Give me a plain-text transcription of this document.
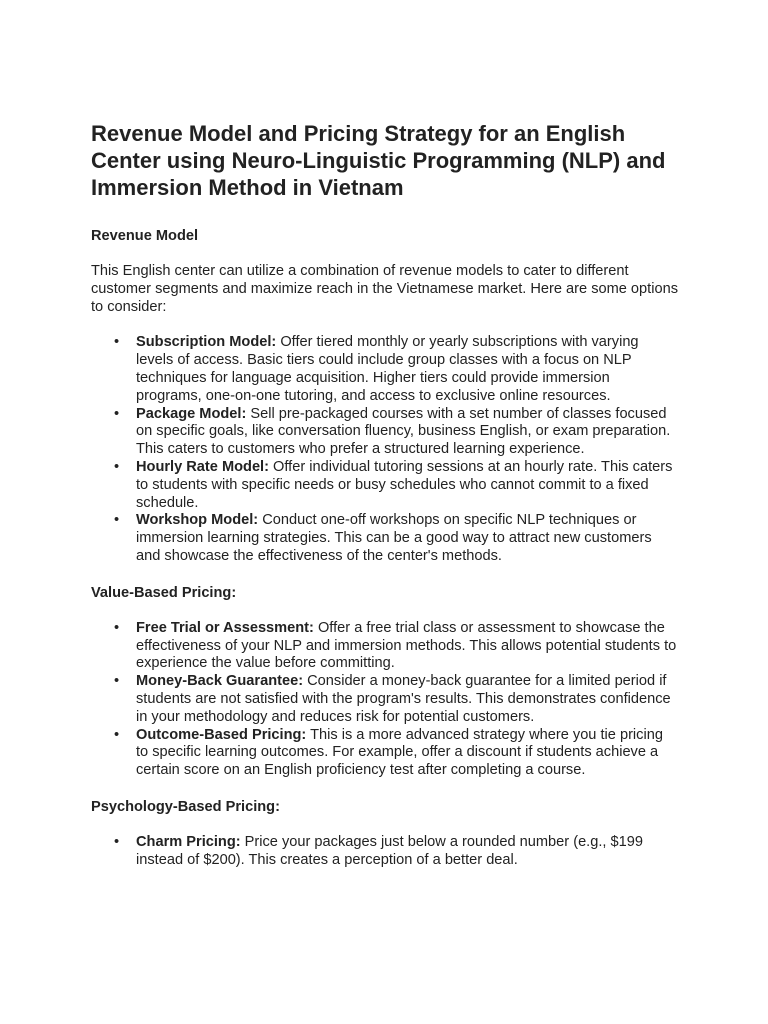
Revenue Model and Pricing Strategy for an English Center using Neuro-Linguistic Programming (NLP) and Immersion Method in Vietnam
Revenue Model

This English center can utilize a combination of revenue models to cater to different customer segments and maximize reach in the Vietnamese market. Here are some options to consider:

• Subscription Model: Offer tiered monthly or yearly subscriptions with varying levels of access. Basic tiers could include group classes with a focus on NLP techniques for language acquisition. Higher tiers could provide immersion programs, one-on-one tutoring, and access to exclusive online resources.
• Package Model: Sell pre-packaged courses with a set number of classes focused on specific goals, like conversation fluency, business English, or exam preparation. This caters to customers who prefer a structured learning experience.
• Hourly Rate Model: Offer individual tutoring sessions at an hourly rate. This caters to students with specific needs or busy schedules who cannot commit to a fixed schedule.
• Workshop Model: Conduct one-off workshops on specific NLP techniques or immersion learning strategies. This can be a good way to attract new customers and showcase the effectiveness of the center's methods.
Value-Based Pricing:
• Free Trial or Assessment: Offer a free trial class or assessment to showcase the effectiveness of your NLP and immersion methods. This allows potential students to experience the value before committing.
• Money-Back Guarantee: Consider a money-back guarantee for a limited period if students are not satisfied with the program's results. This demonstrates confidence in your methodology and reduces risk for potential customers.
• Outcome-Based Pricing: This is a more advanced strategy where you tie pricing to specific learning outcomes. For example, offer a discount if students achieve a certain score on an English proficiency test after completing a course.
Psychology-Based Pricing:
• Charm Pricing: Price your packages just below a rounded number (e.g., $199 instead of $200). This creates a perception of a better deal.
